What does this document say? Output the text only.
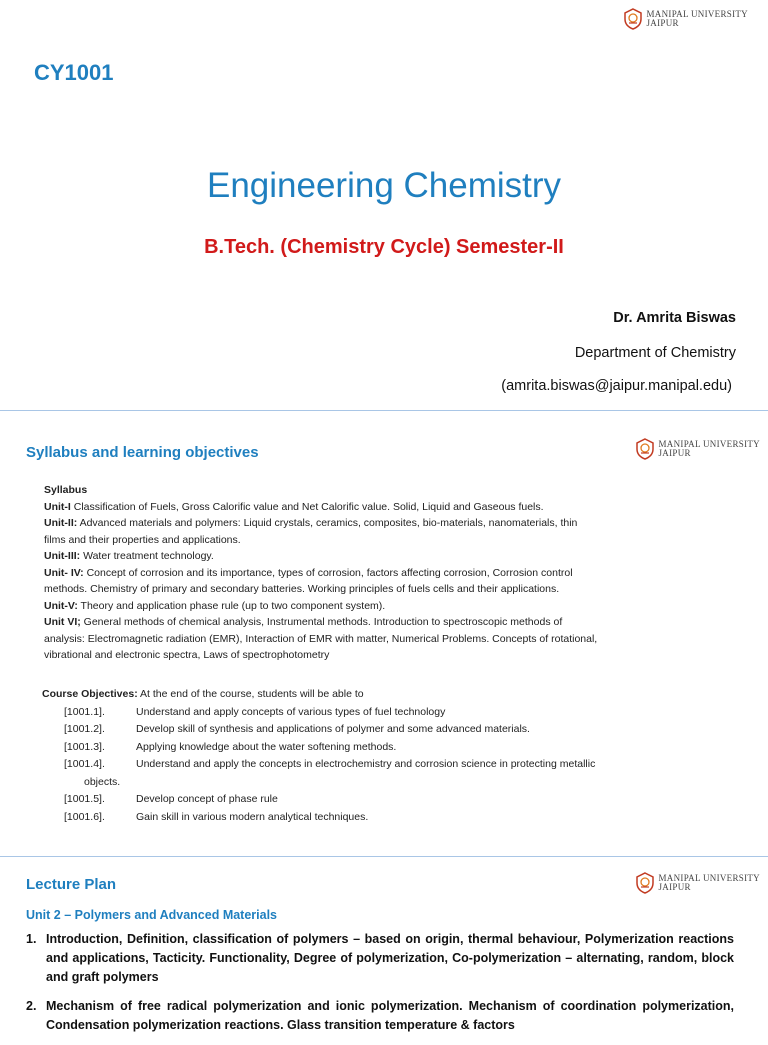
MANIPAL UNIVERSITY
JAIPUR
CY1001
Engineering Chemistry
B.Tech. (Chemistry Cycle) Semester-II
Dr. Amrita Biswas
Department of Chemistry
(amrita.biswas@jaipur.manipal.edu)
Syllabus and learning objectives	MANIPAL UNIVERSITY
JAIPUR
Syllabus
Unit-I Classification of Fuels, Gross Calorific value and Net Calorific value. Solid, Liquid and Gaseous fuels.
Unit-II: Advanced materials and polymers: Liquid crystals, ceramics, composites, bio-materials, nanomaterials, thin
films and their properties and applications.
Unit-III: Water treatment technology.
Unit- IV: Concept of corrosion and its importance, types of corrosion, factors affecting corrosion, Corrosion control
methods. Chemistry of primary and secondary batteries. Working principles of fuels cells and their applications.
Unit-V: Theory and application phase rule (up to two component system).
Unit VI; General methods of chemical analysis, Instrumental methods. Introduction to spectroscopic methods of
analysis: Electromagnetic radiation (EMR), Interaction of EMR with matter, Numerical Problems. Concepts of rotational,
vibrational and electronic spectra, Laws of spectrophotometry
Course Objectives: At the end of the course, students will be able to
[1001.1].	Understand and apply concepts of various types of fuel technology
[1001.2].	Develop skill of synthesis and applications of polymer and some advanced materials.
[1001.3].	Applying knowledge about the water softening methods.
[1001.4].	Understand and apply the concepts in electrochemistry and corrosion science in protecting metallic
objects.
[1001.5].	Develop concept of phase rule
[1001.6].	Gain skill in various modern analytical techniques.
Lecture Plan	MANIPAL UNIVERSITY
JAIPUR
Unit 2 – Polymers and Advanced Materials
1. Introduction, Definition, classification of polymers – based on origin, thermal behaviour, Polymerization reactions and applications, Tacticity. Functionality, Degree of polymerization, Co-polymerization – alternating, random, block and graft polymers
2. Mechanism of free radical polymerization and ionic polymerization. Mechanism of coordination polymerization, Condensation polymerization reactions. Glass transition temperature & factors
